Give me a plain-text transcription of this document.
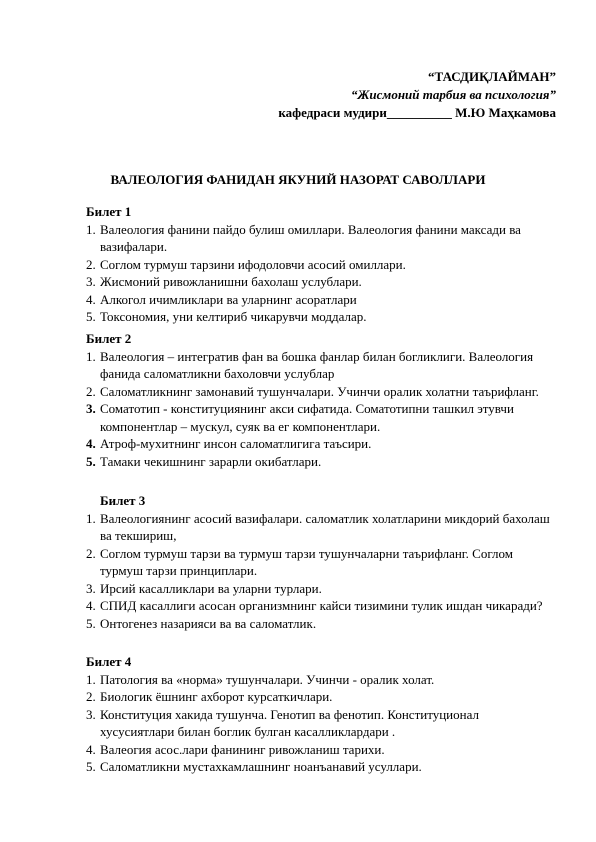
“ТАСДИҚЛАЙМАН”
“Жисмоний тарбия ва психология”
кафедраси мудири__________ М.Ю Маҳкамова
ВАЛЕОЛОГИЯ ФАНИДАН ЯКУНИЙ НАЗОРАТ САВОЛЛАРИ

Билет 1

1. Валеология фанини пайдо булиш омиллари. Валеология фанини максади ва вазифалари.
2. Соглом турмуш тарзини ифодоловчи асосий омиллари.
3. Жисмоний ривожланишни бахолаш услублари.
4. Алкогол ичимликлари ва уларнинг асоратлари
5. Токсономия, уни келтириб чикарувчи моддалар.

Билет 2

1. Валеология – интегратив фан ва бошка фанлар билан богликлиги. Валеология фанида саломатликни бахоловчи услублар
2. Саломатликнинг замонавий тушунчалари. Учинчи оралик холатни таърифланг.
3. Соматотип - конституциянинг акси сифатида. Соматотипни ташкил этувчи компонентлар – мускул, суяк ва ег компонентлари.
4. Атроф-мухитнинг инсон саломатлигига таъсири.
5. Тамаки чекишнинг зарарли окибатлари.

Билет 3

1. Валеологиянинг асосий вазифалари. саломатлик холатларини микдорий бахолаш ва текшириш,
2. Соглом турмуш тарзи ва турмуш тарзи тушунчаларни таърифланг. Соглом турмуш тарзи принциплари.
3. Ирсий касалликлари ва уларни турлари.
4. СПИД касаллиги асосан организмнинг кайси тизимини тулик ишдан чикаради?
5. Онтогенез назарияси ва ва саломатлик.

Билет 4

1. Патология ва «норма» тушунчалари. Учинчи - оралик холат.
2. Биологик ёшнинг ахборот курсаткичлари.
3. Конституция хакида тушунча. Генотип ва фенотип. Конституционал хусусиятлари билан боглик булган касалликлардари .
4. Валеогия асос.лари фанининг ривожланиш тарихи.
5. Саломатликни мустахкамлашнинг ноанъанавий усуллари.
